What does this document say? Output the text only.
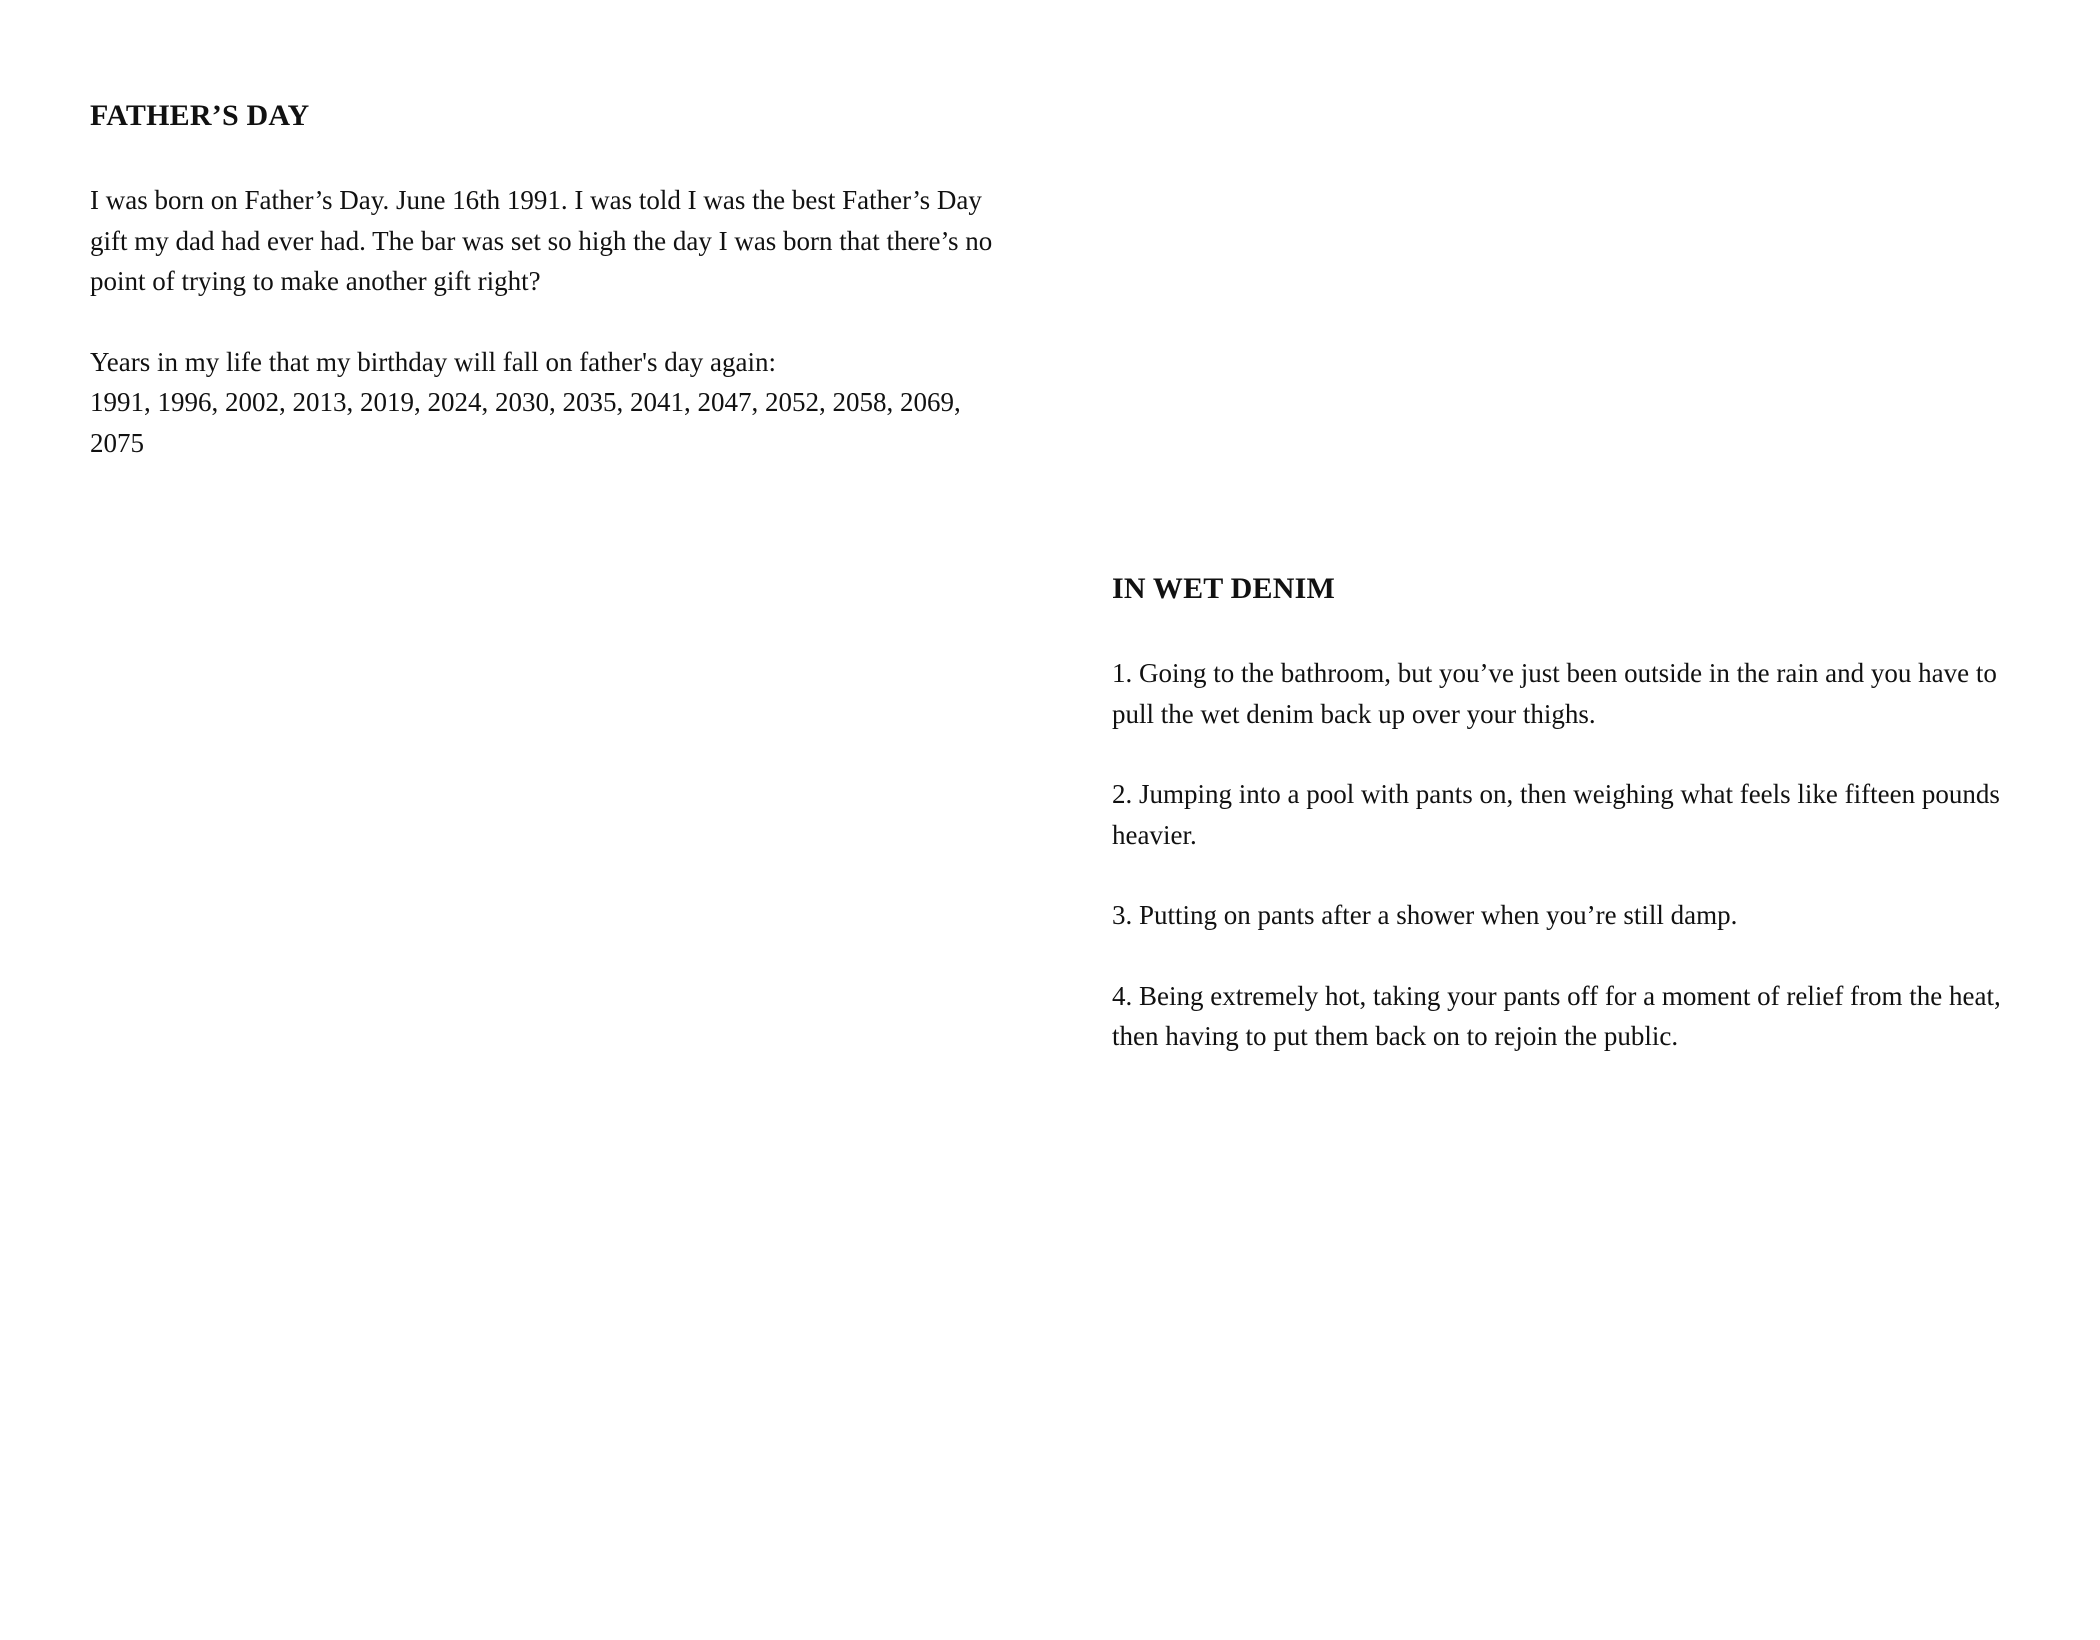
FATHER’S DAY

I was born on Father’s Day. June 16th 1991. I was told I was the best Father’s Day gift my dad had ever had. The bar was set so high the day I was born that there’s no point of trying to make another gift right?

Years in my life that my birthday will fall on father's day again:
1991, 1996, 2002, 2013, 2019, 2024, 2030, 2035, 2041, 2047, 2052, 2058, 2069, 2075

IN WET DENIM

1. Going to the bathroom, but you’ve just been outside in the rain and you have to pull the wet denim back up over your thighs.

2. Jumping into a pool with pants on, then weighing what feels like fifteen pounds heavier.

3. Putting on pants after a shower when you’re still damp.

4. Being extremely hot, taking your pants off for a moment of relief from the heat, then having to put them back on to rejoin the public.
